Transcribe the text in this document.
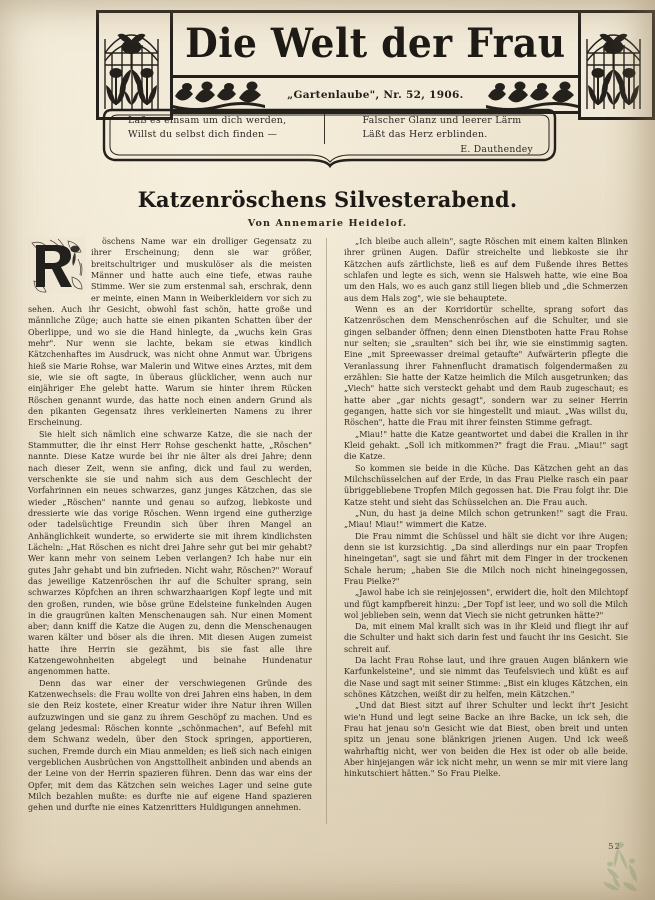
Die Welt der Frau
„Gartenlaube", Nr. 52, 1906.
Laß es einsam um dich werden,
Willst du selbst dich finden —
Falscher Glanz und leerer Lärm
Läßt das Herz erblinden.
E. Dauthendey
Katzenröschens Silvesterabend.
Von Annemarie Heidelof.

öschens Name war ein drolliger Gegensatz zu ihrer Erscheinung; denn sie war größer, breitschultriger und muskulöser als die meisten Männer und hatte auch eine tiefe, etwas rauhe Stimme. Wer sie zum erstenmal sah, erschrak, denn er meinte, einen Mann in Weiberkleidern vor sich zu sehen. Auch ihr Gesicht, obwohl fast schön, hatte große und männliche Züge; auch hatte sie einen pikanten Schatten über der Oberlippe, und wo sie die Hand hinlegte, da „wuchs kein Gras mehr". Nur wenn sie lachte, bekam sie etwas kindlich Kätzchenhaftes im Ausdruck, was nicht ohne Anmut war. Übrigens hieß sie Marie Rohse, war Malerin und Witwe eines Arztes, mit dem sie, wie sie oft sagte, in überaus glücklicher, wenn auch nur einjähriger Ehe gelebt hatte. Warum sie hinter ihrem Rücken Röschen genannt wurde, das hatte noch einen andern Grund als den pikanten Gegensatz ihres verkleinerten Namens zu ihrer Erscheinung.

Sie hielt sich nämlich eine schwarze Katze, die sie nach der Stammutter, die ihr einst Herr Rohse geschenkt hatte, „Röschen" nannte. Diese Katze wurde bei ihr nie älter als drei Jahre; denn nach dieser Zeit, wenn sie anfing, dick und faul zu werden, verschenkte sie sie und nahm sich aus dem Geschlecht der Vorfahrinnen ein neues schwarzes, ganz junges Kätzchen, das sie wieder „Röschen" nannte und genau so aufzog, liebkoste und dressierte wie das vorige Röschen. Wenn irgend eine gutherzige oder tadelsüchtige Freundin sich über ihren Mangel an Anhänglichkeit wunderte, so erwiderte sie mit ihrem kindlichsten Lächeln: „Hat Röschen es nicht drei Jahre sehr gut bei mir gehabt? Wer kann mehr von seinem Leben verlangen? Ich habe nur ein gutes Jahr gehabt und bin zufrieden. Nicht wahr, Röschen?" Worauf das jeweilige Katzenröschen ihr auf die Schulter sprang, sein schwarzes Köpfchen an ihren schwarzhaarigen Kopf legte und mit den großen, runden, wie böse grüne Edelsteine funkelnden Augen in die graugrünen kalten Menschenaugen sah. Nur einen Moment aber; dann kniff die Katze die Augen zu, denn die Menschenaugen waren kälter und böser als die ihren. Mit diesen Augen zumeist hatte ihre Herrin sie gezähmt, bis sie fast alle ihre Katzengewohnheiten abgelegt und beinahe Hundenatur angenommen hatte.

Denn das war einer der verschwiegenen Gründe des Katzenwechsels: die Frau wollte von drei Jahren eins haben, in dem sie den Reiz kostete, einer Kreatur wider ihre Natur ihren Willen aufzuzwingen und sie ganz zu ihrem Geschöpf zu machen. Und es gelang jedesmal: Röschen konnte „schönmachen", auf Befehl mit dem Schwanz wedeln, über den Stock springen, apportieren, suchen, Fremde durch ein Miau anmelden; es ließ sich nach einigen vergeblichen Ausbrüchen von Angsttollheit anbinden und abends an der Leine von der Herrin spazieren führen. Denn das war eins der Opfer, mit dem das Kätzchen sein weiches Lager und seine gute Milch bezahlen mußte: es durfte nie auf eigene Hand spazieren gehen und durfte nie eines Katzenritters Huldigungen annehmen.

„Ich bleibe auch allein", sagte Röschen mit einem kalten Blinken ihrer grünen Augen. Dafür streichelte und liebkoste sie ihr Kätzchen aufs zärtlichste, ließ es auf dem Fußende ihres Bettes schlafen und legte es sich, wenn sie Halsweh hatte, wie eine Boa um den Hals, wo es auch ganz still liegen blieb und „die Schmerzen aus dem Hals zog", wie sie behauptete.

Wenn es an der Korridortür schellte, sprang sofort das Katzenröschen dem Menschenröschen auf die Schulter, und sie gingen selbander öffnen; denn einen Dienstboten hatte Frau Rohse nur selten; sie „sraulten" sich bei ihr, wie sie einstimmig sagten. Eine „mit Spreewasser dreimal getaufte" Aufwärterin pflegte die Veranlassung ihrer Fahnenflucht dramatisch folgendermaßen zu erzählen: Sie hatte der Katze heimlich die Milch ausgetrunken; das „Viech" hatte sich versteckt gehabt und dem Raub zugeschaut; es hatte aber „gar nichts gesagt", sondern war zu seiner Herrin gegangen, hatte sich vor sie hingestellt und miaut. „Was willst du, Röschen", hatte die Frau mit ihrer feinsten Stimme gefragt.

„Miau!" hatte die Katze geantwortet und dabei die Krallen in ihr Kleid gehakt. „Soll ich mitkommen?" fragt die Frau. „Miau!" sagt die Katze.

So kommen sie beide in die Küche. Das Kätzchen geht an das Milchschüsselchen auf der Erde, in das Frau Pielke rasch ein paar übriggebliebene Tropfen Milch gegossen hat. Die Frau folgt ihr. Die Katze steht und sieht das Schüsselchen an. Die Frau auch.

„Nun, du hast ja deine Milch schon getrunken!" sagt die Frau. „Miau! Miau!" wimmert die Katze.

Die Frau nimmt die Schüssel und hält sie dicht vor ihre Augen; denn sie ist kurzsichtig. „Da sind allerdings nur ein paar Tropfen hineingetan", sagt sie und fährt mit dem Finger in der trockenen Schale herum; „haben Sie die Milch noch nicht hineingegossen, Frau Pielke?"

„Jawol habe ich sie reinjejossen", erwidert die, holt den Milchtopf und fügt kampfbereit hinzu: „Der Topf ist leer, und wo soll die Milch wol jeblieben sein, wenn dat Viech sie nicht getrunken hätte?"

Da, mit einem Mal krallt sich was in ihr Kleid und fliegt ihr auf die Schulter und hakt sich darin fest und faucht ihr ins Gesicht. Sie schreit auf.

Da lacht Frau Rohse laut, und ihre grauen Augen blänkern wie Karfunkelsteine", und sie nimmt das Teufelsviech und küßt es auf die Nase und sagt mit seiner Stimme: „Bist ein kluges Kätzchen, ein schönes Kätzchen, weißt dir zu helfen, mein Kätzchen."

„Und dat Biest sitzt auf ihrer Schulter und leckt ihr't Jesicht wie'n Hund und legt seine Backe an ihre Backe, un ick seh, die Frau hat jenau so'n Gesicht wie dat Biest, oben breit und unten spitz un jenau sone blänkrigen jrienen Augen. Und ick weeß wahrhaftig nicht, wer von beiden die Hex ist oder ob alle beide. Aber hinjejangen wär ick nicht mehr, un wenn se mir mit viere lang hinkutschiert hätten." So Frau Pielke.

52
